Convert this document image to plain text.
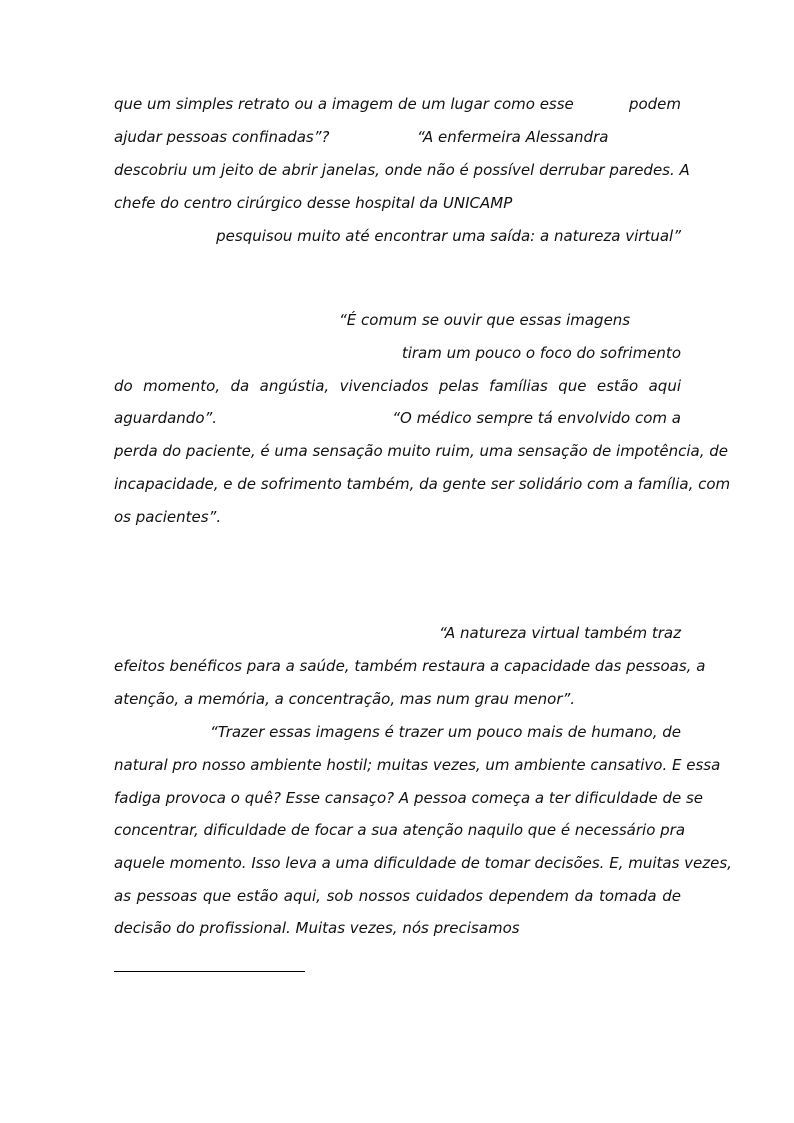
que um simples retrato ou a imagem de um lugar como esse	podem
ajudar pessoas confinadas”?	“A enfermeira Alessandra
descobriu um jeito de abrir janelas, onde não é possível derrubar paredes. A
chefe do centro cirúrgico desse hospital da UNICAMP
pesquisou muito até encontrar uma saída: a natureza virtual”
“É comum se ouvir que essas imagens
tiram um pouco o foco do sofrimento
do momento, da angústia, vivenciados pelas famílias que estão aqui
aguardando”.	“O médico sempre tá envolvido com a
perda do paciente, é uma sensação muito ruim, uma sensação de impotência, de
incapacidade, e de sofrimento também, da gente ser solidário com a família, com
os pacientes”.
“A natureza virtual também traz
efeitos benéficos para a saúde, também restaura a capacidade das pessoas, a
atenção, a memória, a concentração, mas num grau menor”.
“Trazer essas imagens é trazer um pouco mais de humano, de
natural pro nosso ambiente hostil; muitas vezes, um ambiente cansativo. E essa
fadiga provoca o quê? Esse cansaço? A pessoa começa a ter dificuldade de se
concentrar, dificuldade de focar a sua atenção naquilo que é necessário pra
aquele momento. Isso leva a uma dificuldade de tomar decisões. E, muitas vezes,
as pessoas que estão aqui, sob nossos cuidados dependem da tomada de
decisão do profissional. Muitas vezes, nós precisamos
